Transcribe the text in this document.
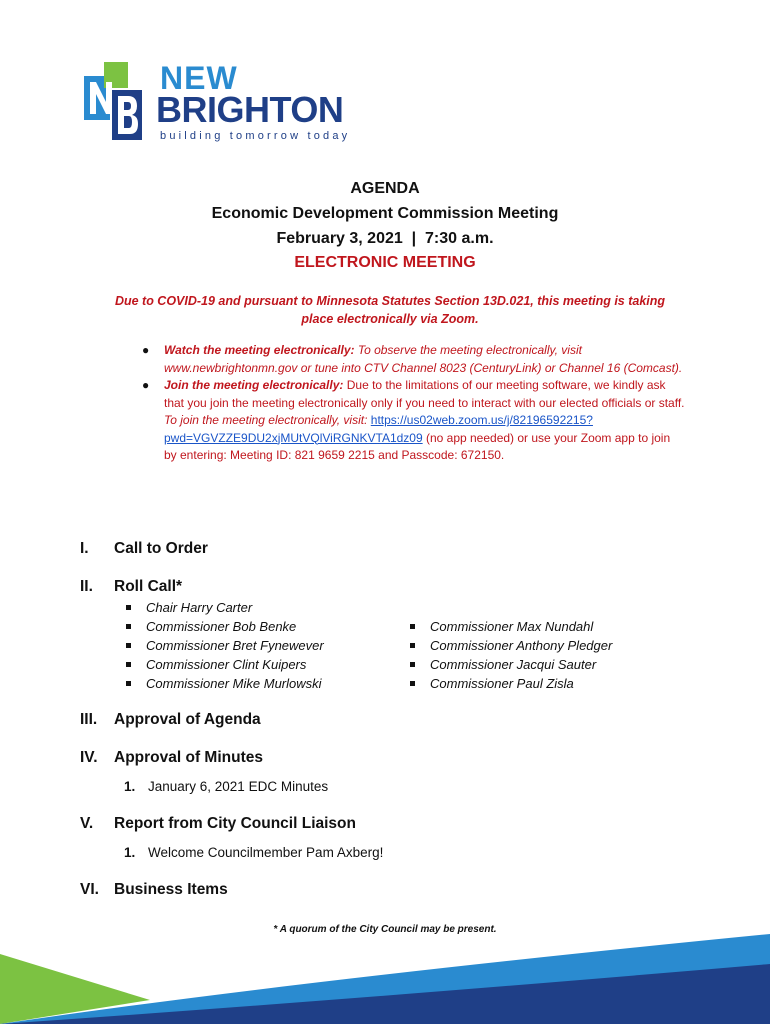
NEW
BRIGHTON
building tomorrow today
AGENDA
Economic Development Commission Meeting
February 3, 2021  |  7:30 a.m.
ELECTRONIC MEETING
Due to COVID-19 and pursuant to Minnesota Statutes Section 13D.021, this meeting is taking place electronically via Zoom.
● Watch the meeting electronically: To observe the meeting electronically, visit www.newbrightonmn.gov or tune into CTV Channel 8023 (CenturyLink) or Channel 16 (Comcast).
● Join the meeting electronically: Due to the limitations of our meeting software, we kindly ask that you join the meeting electronically only if you need to interact with our elected officials or staff. To join the meeting electronically, visit: https://us02web.zoom.us/j/82196592215?pwd=VGVZZE9DU2xjMUtVQlViRGNKVTA1dz09 (no app needed) or use your Zoom app to join by entering: Meeting ID: 821 9659 2215 and Passcode: 672150.
I. Call to Order
II. Roll Call*
Chair Harry Carter
Commissioner Bob Benke
Commissioner Bret Fynewever
Commissioner Clint Kuipers
Commissioner Mike Murlowski
Commissioner Max Nundahl
Commissioner Anthony Pledger
Commissioner Jacqui Sauter
Commissioner Paul Zisla
III. Approval of Agenda
IV. Approval of Minutes
1. January 6, 2021 EDC Minutes
V. Report from City Council Liaison
1. Welcome Councilmember Pam Axberg!
VI. Business Items
* A quorum of the City Council may be present.
